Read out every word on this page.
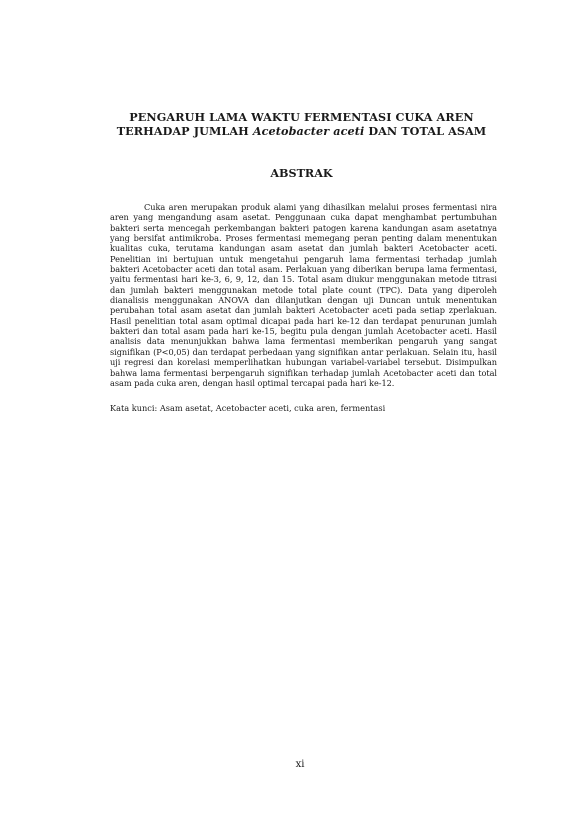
PENGARUH LAMA WAKTU FERMENTASI CUKA AREN TERHADAP JUMLAH Acetobacter aceti DAN TOTAL ASAM
ABSTRAK

Cuka aren merupakan produk alami yang dihasilkan melalui proses fermentasi nira aren yang mengandung asam asetat. Penggunaan cuka dapat menghambat pertumbuhan bakteri serta mencegah perkembangan bakteri patogen karena kandungan asam asetatnya yang bersifat antimikroba. Proses fermentasi memegang peran penting dalam menentukan kualitas cuka, terutama kandungan asam asetat dan jumlah bakteri Acetobacter aceti. Penelitian ini bertujuan untuk mengetahui pengaruh lama fermentasi terhadap jumlah bakteri Acetobacter aceti dan total asam. Perlakuan yang diberikan berupa lama fermentasi, yaitu fermentasi hari ke-3, 6, 9, 12, dan 15. Total asam diukur menggunakan metode titrasi dan jumlah bakteri menggunakan metode total plate count (TPC). Data yang diperoleh dianalisis menggunakan ANOVA dan dilanjutkan dengan uji Duncan untuk menentukan perubahan total asam asetat dan jumlah bakteri Acetobacter aceti pada setiap zperlakuan. Hasil penelitian total asam optimal dicapai pada hari ke-12 dan terdapat penurunan jumlah bakteri dan total asam pada hari ke-15, begitu pula dengan jumlah Acetobacter aceti. Hasil analisis data menunjukkan bahwa lama fermentasi memberikan pengaruh yang sangat signifikan (P<0,05) dan terdapat perbedaan yang signifikan antar perlakuan. Selain itu, hasil uji regresi dan korelasi memperlihatkan hubungan variabel-variabel tersebut. Disimpulkan bahwa lama fermentasi berpengaruh signifikan terhadap jumlah Acetobacter aceti dan total asam pada cuka aren, dengan hasil optimal tercapai pada hari ke-12.

Kata kunci: Asam asetat, Acetobacter aceti, cuka aren, fermentasi

xi
